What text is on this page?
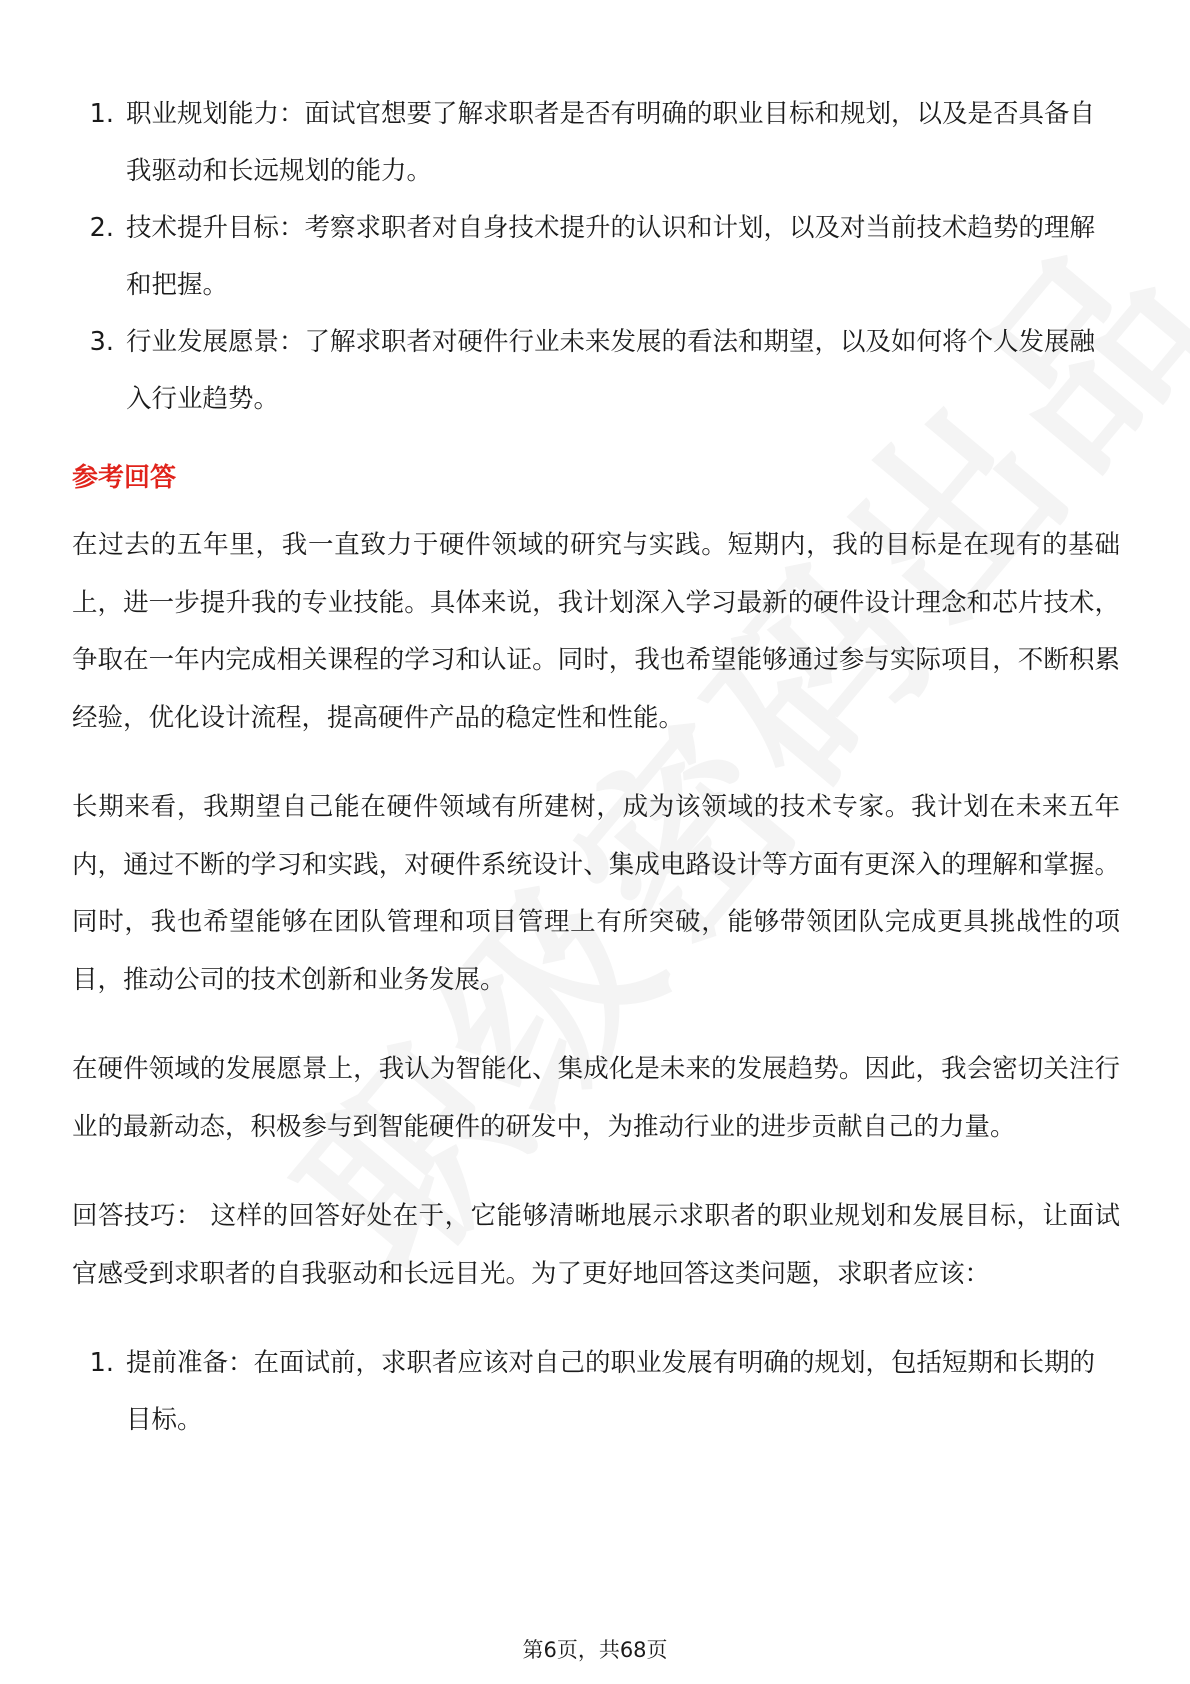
1. 职业规划能力：面试官想要了解求职者是否有明确的职业目标和规划，以及是否具备自我驱动和长远规划的能力。
2. 技术提升目标：考察求职者对自身技术提升的认识和计划，以及对当前技术趋势的理解和把握。
3. 行业发展愿景：了解求职者对硬件行业未来发展的看法和期望，以及如何将个人发展融入行业趋势。
参考回答

在过去的五年里，我一直致力于硬件领域的研究与实践。短期内，我的目标是在现有的基础上，进一步提升我的专业技能。具体来说，我计划深入学习最新的硬件设计理念和芯片技术，争取在一年内完成相关课程的学习和认证。同时，我也希望能够通过参与实际项目，不断积累经验，优化设计流程，提高硬件产品的稳定性和性能。

长期来看，我期望自己能在硬件领域有所建树，成为该领域的技术专家。我计划在未来五年内，通过不断的学习和实践，对硬件系统设计、集成电路设计等方面有更深入的理解和掌握。同时，我也希望能够在团队管理和项目管理上有所突破，能够带领团队完成更具挑战性的项目，推动公司的技术创新和业务发展。

在硬件领域的发展愿景上，我认为智能化、集成化是未来的发展趋势。因此，我会密切关注行业的最新动态，积极参与到智能硬件的研发中，为推动行业的进步贡献自己的力量。

回答技巧： 这样的回答好处在于，它能够清晰地展示求职者的职业规划和发展目标，让面试官感受到求职者的自我驱动和长远目光。为了更好地回答这类问题，求职者应该：

1. 提前准备：在面试前，求职者应该对自己的职业发展有明确的规划，包括短期和长期的目标。
第6页，共68页
